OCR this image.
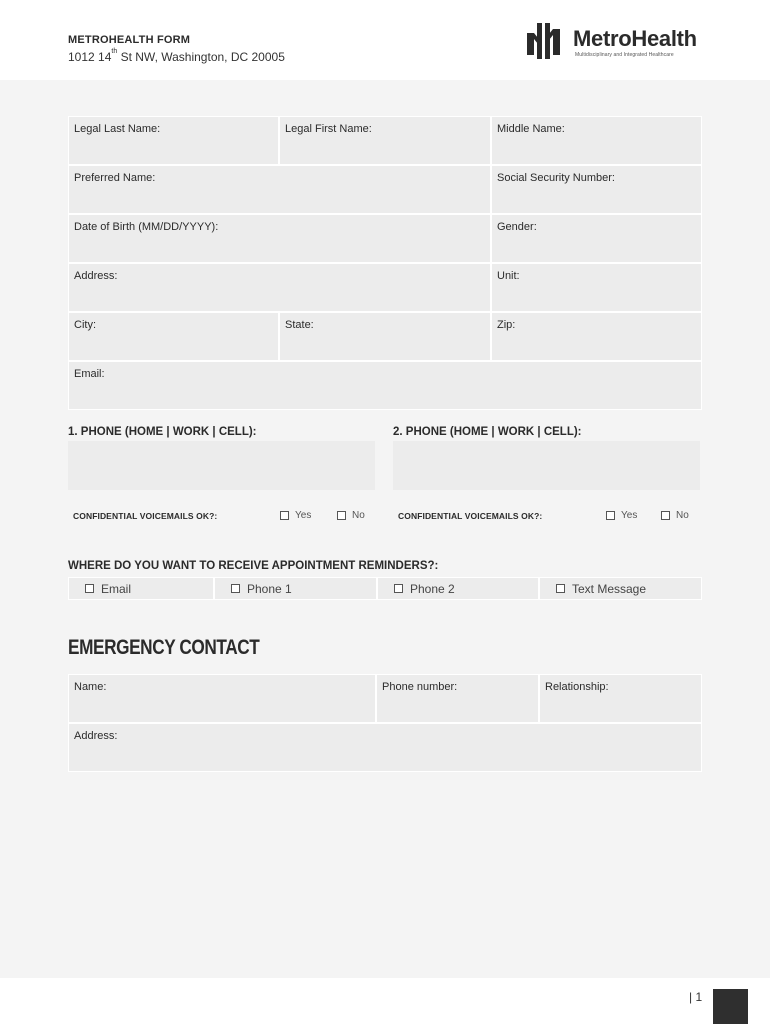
METROHEALTH FORM
1012 14th St NW, Washington, DC 20005
MetroHealth
Multidisciplinary and Integrated Healthcare
Legal Last Name:	Legal First Name:	Middle Name:
Preferred Name:	Social Security Number:
Date of Birth (MM/DD/YYYY):	Gender:
Address:	Unit:
City:	State:	Zip:
Email:
1. PHONE (HOME | WORK | CELL):	2. PHONE (HOME | WORK | CELL):
CONFIDENTIAL VOICEMAILS OK?:	Yes	No	CONFIDENTIAL VOICEMAILS OK?:	Yes	No
WHERE DO YOU WANT TO RECEIVE APPOINTMENT REMINDERS?:
Email	Phone 1	Phone 2	Text Message
EMERGENCY CONTACT
Name:	Phone number:	Relationship:
Address:
| 1
